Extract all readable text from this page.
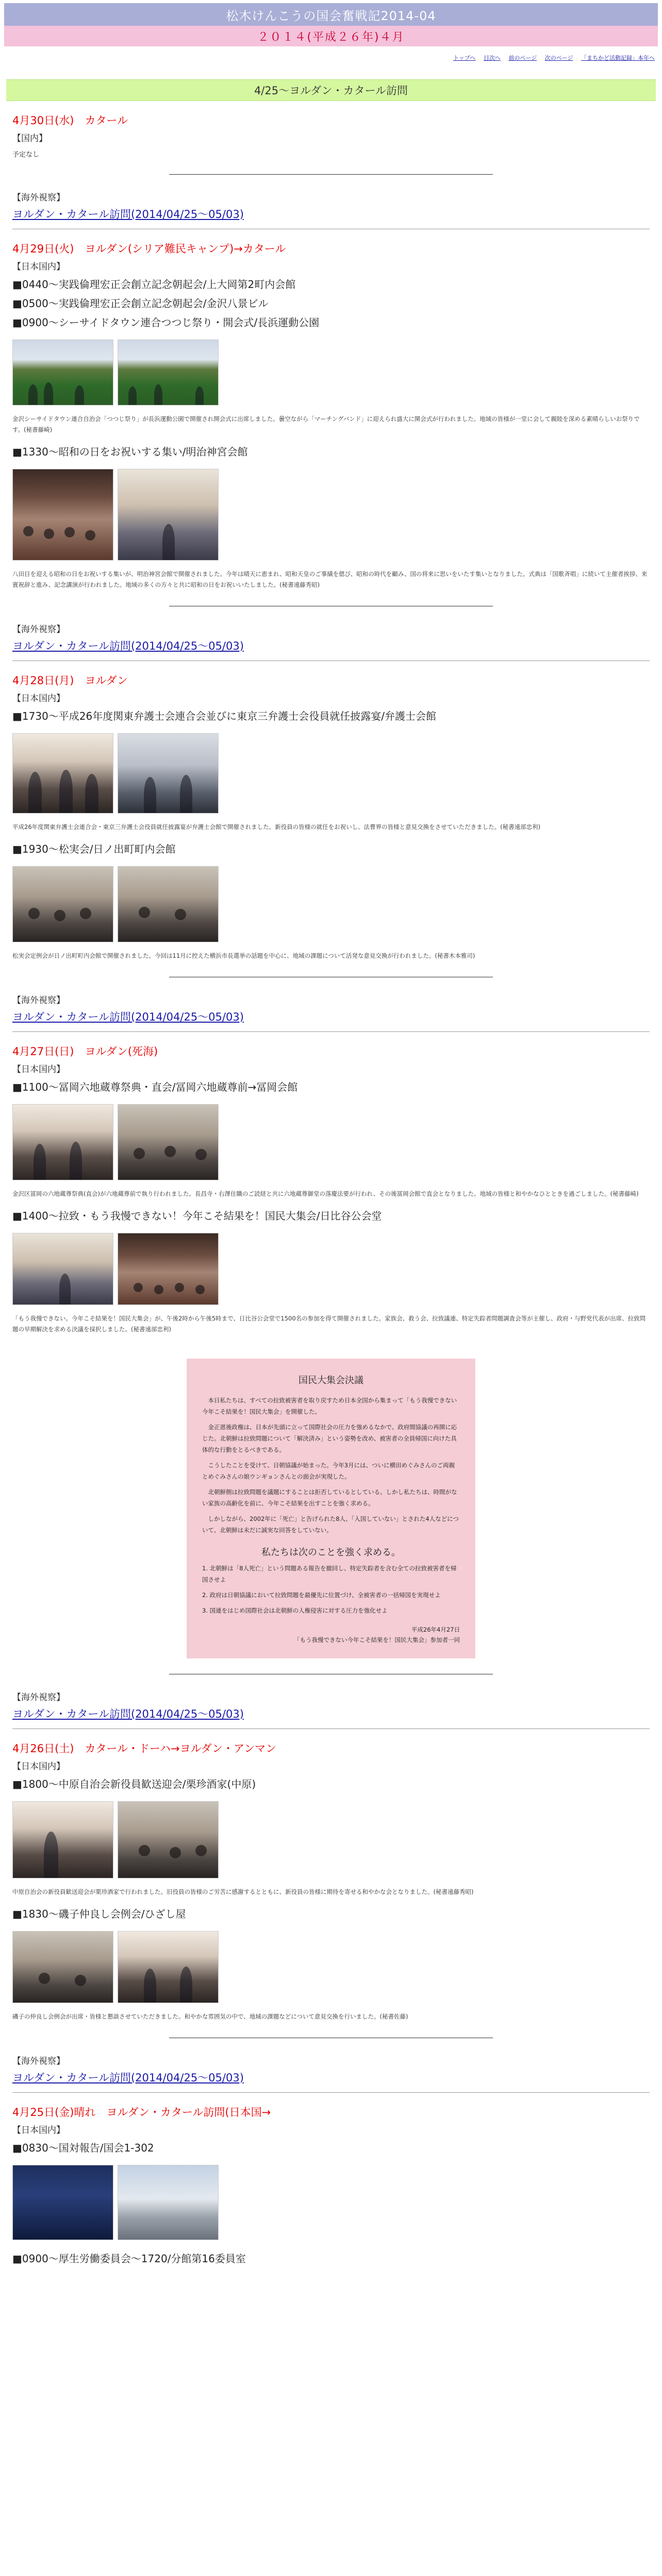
松木けんこうの国会奮戦記2014-04
２０１４(平成２６年)４月
トップへ 目次へ 前のページ 次のページ 「まちかど活動記録」本年へ
4/25～ヨルダン・カタール訪問
4月30日(水)　カタール
【国内】
予定なし
【海外視察】
ヨルダン・カタール訪問(2014/04/25～05/03)
4月29日(火)　ヨルダン(シリア難民キャンプ)→カタール
【日本国内】
■0440～実践倫理宏正会創立記念朝起会/上大岡第2町内会館
■0500～実践倫理宏正会創立記念朝起会/金沢八景ビル
■0900～シーサイドタウン連合つつじ祭り・開会式/長浜運動公園
金沢シーサイドタウン連合自治会「つつじ祭り」が長浜運動公園で開催され開会式に出席しました。曇空ながら「マーチングバンド」に迎えられ盛大に開会式が行われました。地域の皆様が一堂に会して親睦を深める素晴らしいお祭りです。(秘書藤崎)
■1330～昭和の日をお祝いする集い/明治神宮会館
八田目を迎える昭和の日をお祝いする集いが、明治神宮会館で開催されました。今年は晴天に恵まれ、昭和天皇のご事績を偲び、昭和の時代を顧み、国の将来に思いをいたす集いとなりました。式典は「国歌斉唱」に続いて主催者挨拶、来賓祝辞と進み、記念講演が行われました。地域の多くの方々と共に昭和の日をお祝いいたしました。(秘書遠藤秀昭)
【海外視察】
ヨルダン・カタール訪問(2014/04/25～05/03)
4月28日(月)　ヨルダン
【日本国内】
■1730～平成26年度関東弁護士会連合会並びに東京三弁護士会役員就任披露宴/弁護士会館
平成26年度関東弁護士会連合会・東京三弁護士会役員就任披露宴が弁護士会館で開催されました。新役員の皆様の就任をお祝いし、法曹界の皆様と意見交換をさせていただきました。(秘書遠部忠利)
■1930～松実会/日ノ出町町内会館
松実会定例会が日ノ出町町内会館で開催されました。今回は11月に控えた横浜市長選挙の話題を中心に、地域の課題について活発な意見交換が行われました。(秘書木本雅司)
【海外視察】
ヨルダン・カタール訪問(2014/04/25～05/03)
4月27日(日)　ヨルダン(死海)
【日本国内】
■1100～冨岡六地蔵尊祭典・直会/冨岡六地蔵尊前→冨岡会館
金沢区冨岡の六地蔵尊祭典(直会)が六地蔵尊前で執り行われました。長昌寺・右澤住職のご読経と共に六地蔵尊御堂の落慶法要が行われ、その後冨岡会館で直会となりました。地域の皆様と和やかなひとときを過ごしました。(秘書藤崎)
■1400～拉致・もう我慢できない！今年こそ結果を！国民大集会/日比谷公会堂
「もう我慢できない。今年こそ結果を！国民大集会」が、午後2時から午後5時まで、日比谷公会堂で1500名の参加を得て開催されました。家族会、救う会、拉致議連、特定失踪者問題調査会等が主催し、政府・与野党代表が出席、拉致問題の早期解決を求める決議を採択しました。(秘書遠部忠利)
国民大集会決議

本日私たちは、すべての拉致被害者を取り戻すため日本全国から集まって「もう我慢できない今年こそ結果を！国民大集会」を開催した。

金正恩後政権は、日本が先頭に立って国際社会の圧力を強めるなかで、政府間協議の再開に応じた。北朝鮮は拉致問題について「解決済み」という姿勢を改め、被害者の全員帰国に向けた具体的な行動をとるべきである。

こうしたことを受けて、日朝協議が始まった。今年3月には、ついに横田めぐみさんのご両親とめぐみさんの娘ウンギョンさんとの面会が実現した。

北朝鮮側は拉致問題を議題にすることは拒否しているとしている。しかし私たちは、時間がない家族の高齢化を前に、今年こそ結果を出すことを強く求める。

しかしながら、2002年に「死亡」と告げられた8人、「入国していない」とされた4人などについて、北朝鮮は未だに誠実な回答をしていない。

私たちは次のことを強く求める。

1. 北朝鮮は「8人死亡」という問題ある報告を撤回し、特定失踪者を含む全ての拉致被害者を帰国させよ

2. 政府は日朝協議において拉致問題を最優先に位置づけ、全被害者の一括帰国を実現せよ

3. 国連をはじめ国際社会は北朝鮮の人権侵害に対する圧力を強化せよ

平成26年4月27日
「もう我慢できない今年こそ結果を！国民大集会」参加者一同
【海外視察】
ヨルダン・カタール訪問(2014/04/25～05/03)
4月26日(土)　カタール・ドーハ→ヨルダン・アンマン
【日本国内】
■1800～中原自治会新役員歓送迎会/栗珍酒家(中原)
中原自治会の新役員歓送迎会が栗珍酒家で行われました。旧役員の皆様のご労苦に感謝するとともに、新役員の皆様に期待を寄せる和やかな会となりました。(秘書遠藤秀昭)
■1830～磯子仲良し会例会/ひざし屋
磯子の仲良し会例会が出席・皆様と懇談させていただきました。和やかな雰囲気の中で、地域の課題などについて意見交換を行いました。(秘書佐藤)
【海外視察】
ヨルダン・カタール訪問(2014/04/25～05/03)
4月25日(金)晴れ　ヨルダン・カタール訪問(日本国→
【日本国内】
■0830～国対報告/国会1-302
■0900～厚生労働委員会～1720/分館第16委員室
